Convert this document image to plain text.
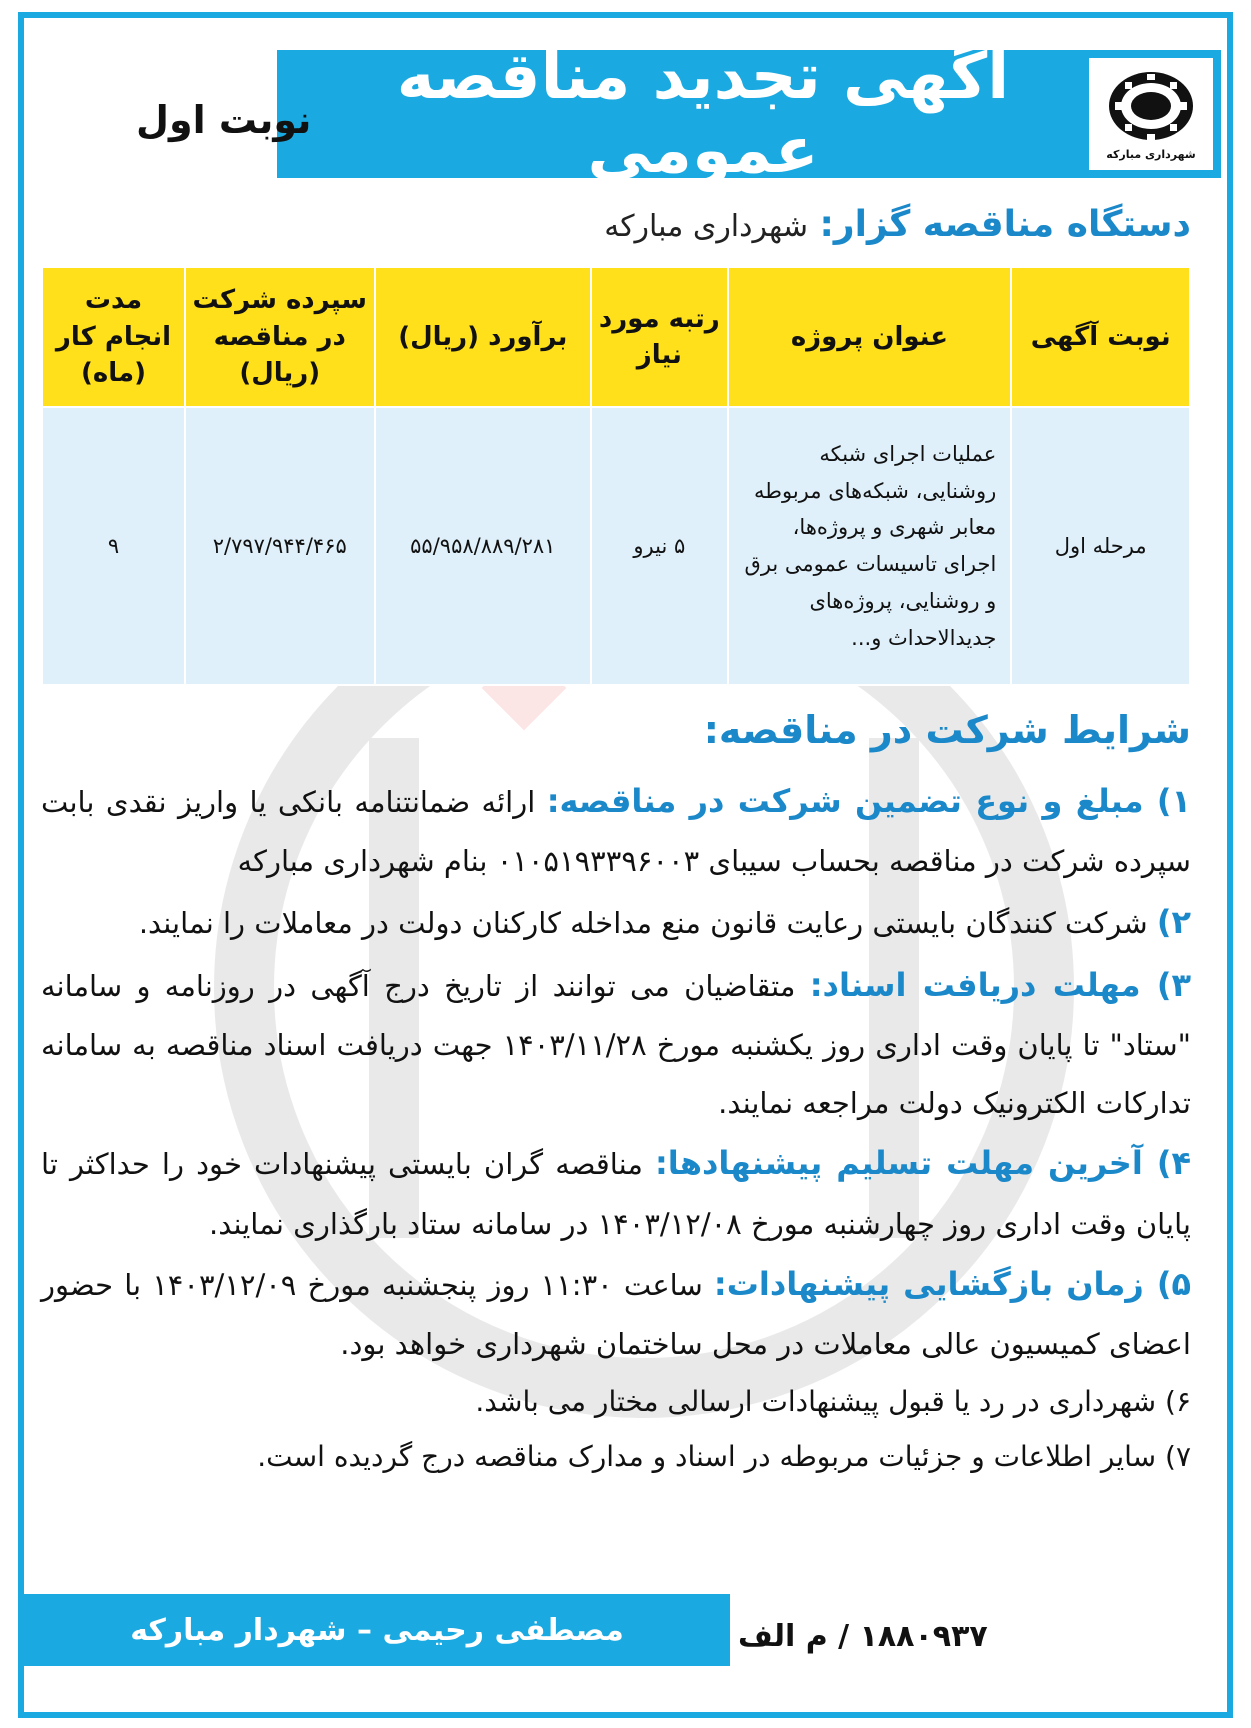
شهرداری مبارکه
آگهی تجدید مناقصه عمومی
نوبت اول
دستگاه مناقصه گزار: شهرداری مبارکه
نوبت آگهی	عنوان پروژه	رتبه مورد نیاز	برآورد (ریال)	سپرده شرکت در مناقصه (ریال)	مدت انجام کار (ماه)
مرحله اول	عملیات اجرای شبکه روشنایی، شبکه‌های مربوطه معابر شهری و پروژه‌ها، اجرای تاسیسات عمومی برق و روشنایی، پروژه‌های جدیدالاحداث و...	۵ نیرو	۵۵/۹۵۸/۸۸۹/۲۸۱	۲/۷۹۷/۹۴۴/۴۶۵	۹
شرایط شرکت در مناقصه:

۱) مبلغ و نوع تضمین شرکت در مناقصه: ارائه ضمانتنامه بانکی یا واریز نقدی بابت سپرده شرکت در مناقصه بحساب سیبای ۰۱۰۵۱۹۳۳۹۶۰۰۳ بنام شهرداری مبارکه

۲) شرکت کنندگان بایستی رعایت قانون منع مداخله کارکنان دولت در معاملات را نمایند.

۳) مهلت دریافت اسناد: متقاضیان می توانند از تاریخ درج آگهی در روزنامه و سامانه "ستاد" تا پایان وقت اداری روز یکشنبه مورخ ۱۴۰۳/۱۱/۲۸ جهت دریافت اسناد مناقصه به سامانه تدارکات الکترونیک دولت مراجعه نمایند.

۴) آخرین مهلت تسلیم پیشنهادها: مناقصه گران بایستی پیشنهادات خود را حداکثر تا پایان وقت اداری روز چهارشنبه مورخ ۱۴۰۳/۱۲/۰۸ در سامانه ستاد بارگذاری نمایند.

۵) زمان بازگشایی پیشنهادات: ساعت ۱۱:۳۰ روز پنجشنبه مورخ ۱۴۰۳/۱۲/۰۹ با حضور اعضای کمیسیون عالی معاملات در محل ساختمان شهرداری خواهد بود.

۶) شهرداری در رد یا قبول پیشنهادات ارسالی مختار می باشد.

۷) سایر اطلاعات و جزئیات مربوطه در اسناد و مدارک مناقصه درج گردیده است.

مصطفی رحیمی – شهردار مبارکه	۱۸۸۰۹۳۷ / م الف
